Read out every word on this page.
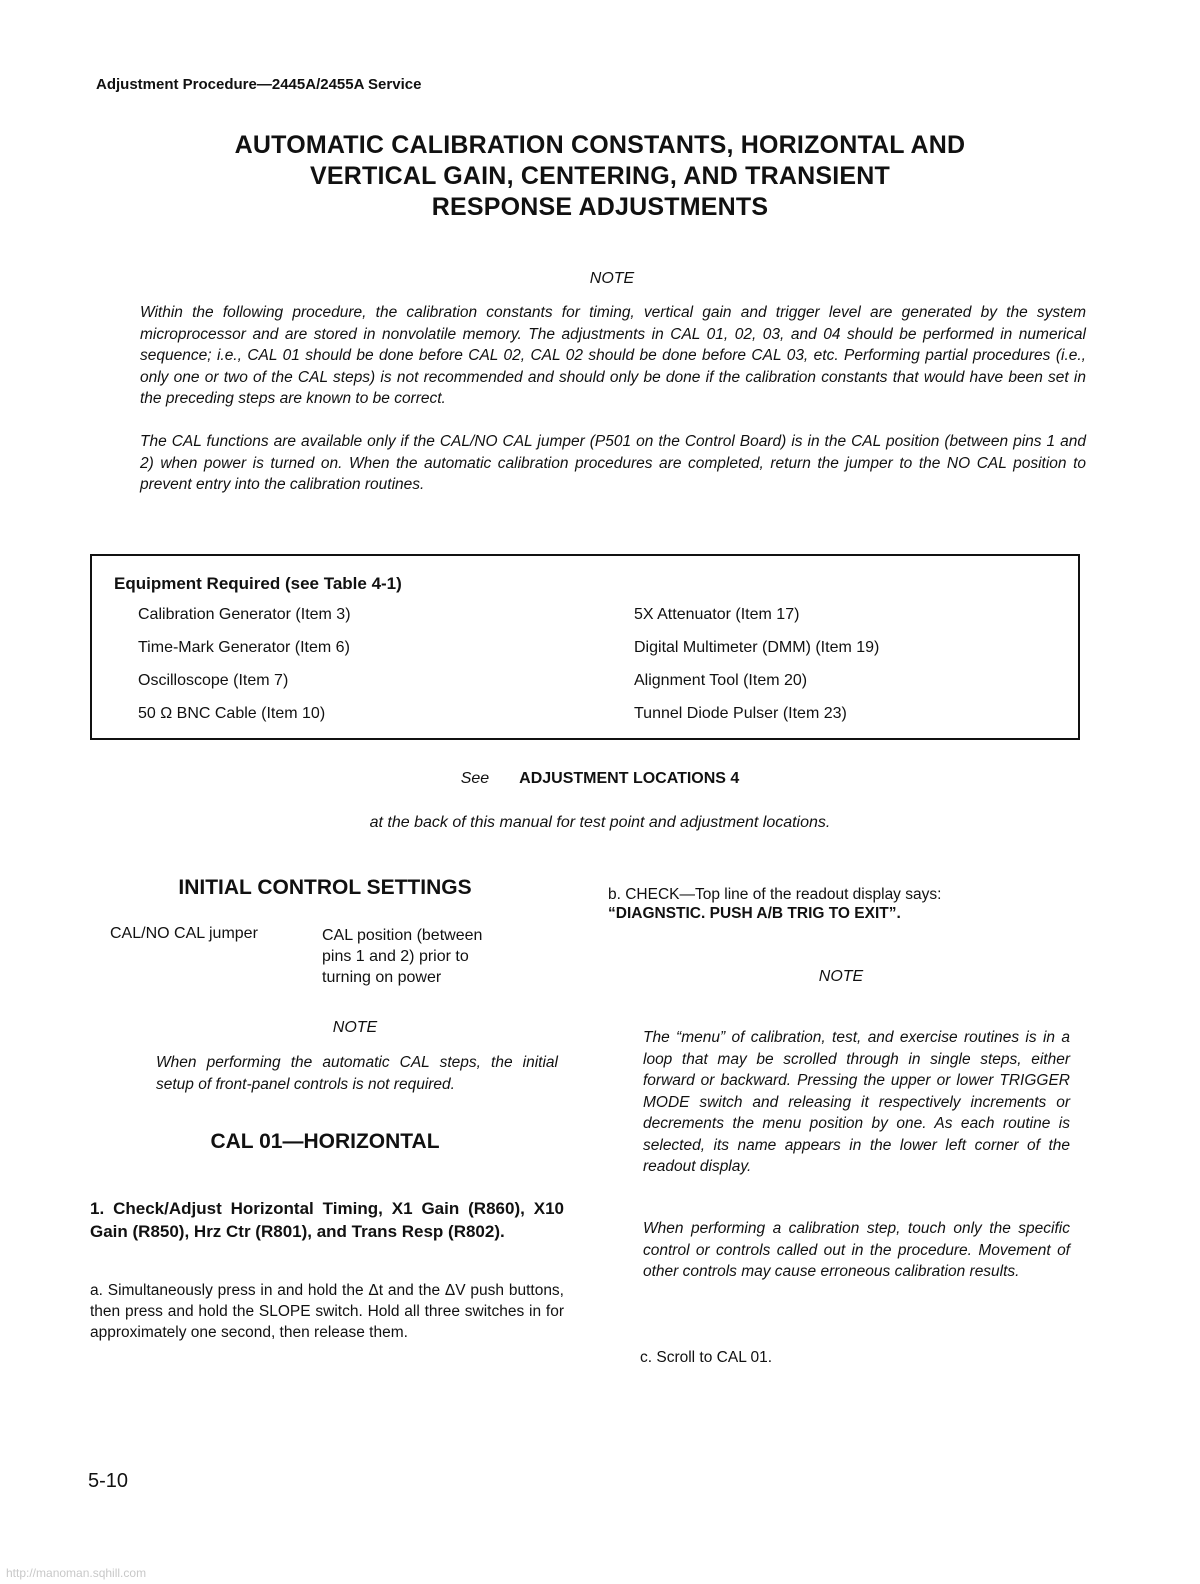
Adjustment Procedure—2445A/2455A Service
AUTOMATIC CALIBRATION CONSTANTS, HORIZONTAL AND
VERTICAL GAIN, CENTERING, AND TRANSIENT
RESPONSE ADJUSTMENTS
NOTE
Within the following procedure, the calibration constants for timing, vertical gain and trigger level are generated by the system microprocessor and are stored in nonvolatile memory. The adjustments in CAL 01, 02, 03, and 04 should be performed in numerical sequence; i.e., CAL 01 should be done before CAL 02, CAL 02 should be done before CAL 03, etc. Performing partial procedures (i.e., only one or two of the CAL steps) is not recommended and should only be done if the calibration constants that would have been set in the preceding steps are known to be correct.
The CAL functions are available only if the CAL/NO CAL jumper (P501 on the Control Board) is in the CAL position (between pins 1 and 2) when power is turned on. When the automatic calibration procedures are completed, return the jumper to the NO CAL position to prevent entry into the calibration routines.
Equipment Required (see Table 4-1)
Calibration Generator (Item 3)
Time-Mark Generator (Item 6)
Oscilloscope (Item 7)
50 Ω BNC Cable (Item 10)
5X Attenuator (Item 17)
Digital Multimeter (DMM) (Item 19)
Alignment Tool (Item 20)
Tunnel Diode Pulser (Item 23)
See ADJUSTMENT LOCATIONS 4
at the back of this manual for test point and adjustment locations.
INITIAL CONTROL SETTINGS
CAL/NO CAL jumper	CAL position (between
pins 1 and 2) prior to
turning on power
NOTE
When performing the automatic CAL steps, the initial setup of front-panel controls is not required.
CAL 01—HORIZONTAL
1. Check/Adjust Horizontal Timing, X1 Gain (R860), X10 Gain (R850), Hrz Ctr (R801), and Trans Resp (R802).
a. Simultaneously press in and hold the Δt and the ΔV push buttons, then press and hold the SLOPE switch. Hold all three switches in for approximately one second, then release them.
b. CHECK—Top line of the readout display says:
“DIAGNSTIC. PUSH A/B TRIG TO EXIT”.
NOTE
The “menu” of calibration, test, and exercise routines is in a loop that may be scrolled through in single steps, either forward or backward. Pressing the upper or lower TRIGGER MODE switch and releasing it respectively increments or decrements the menu position by one. As each routine is selected, its name appears in the lower left corner of the readout display.
When performing a calibration step, touch only the specific control or controls called out in the procedure. Movement of other controls may cause erroneous calibration results.
c. Scroll to CAL 01.
5-10
http://manoman.sqhill.com
